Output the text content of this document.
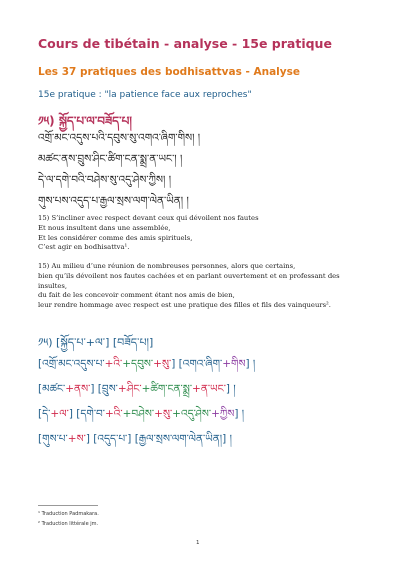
Cours de tibétain - analyse - 15e pratique
Les 37 pratiques des bodhisattvas - Analyse
15e pratique : "la patience face aux reproches"
༡༥) སྐྱོད་པ་ལ་བཟོད་པ།
འགྲོ་མང་འདུས་པའི་དབུས་སུ་འགའ་ཞིག་གིས། །
མཚང་ནས་བྲུས་ཤིང་ཚིག་ངན་སྨྲ་ན་ཡང་། །
དེ་ལ་དགེ་བའི་བཤེས་སུ་འདུ་ཤེས་ཀྱིས། །
གུས་པས་འདུད་པ་རྒྱལ་སྲས་ལག་ལེན་ཡིན། །

15) S’incliner avec respect devant ceux qui dévoilent nos fautes

Et nous insultent dans une assemblée,

Et les considérer comme des amis spirituels,

C’est agir en bodhisattva¹.

15) Au milieu d’une réunion de nombreuses personnes, alors que certains,

bien qu’ils dévoilent nos fautes cachées et en parlant ouvertement et en professant des insultes,

du fait de les concevoir comment étant nos amis de bien,

leur rendre hommage avec respect est une pratique des filles et fils des vainqueurs².

༡༥) [སྐྱོད་པ་+ལ་] [བཟོད་པ།]
[འགྲོ་མང་འདུས་པ་+འི་+དབུས་+སུ་] [འགའ་ཞིག་+གིས] །
[མཚང་+ནས་] [བྲུས་+ཤིང་+ཚིག་ངན་སྨྲ་+ན་ཡང་] །
[དེ་+ལ་] [དགེ་བ་+འི་+བཤེས་+སུ་+འདུ་ཤེས་+ཀྱིས] །
[གུས་པ་+ས་] [འདུད་པ་] [རྒྱལ་སྲས་ལག་ལེན་ཡིན།] །
¹ Traduction Padmakara.
² Traduction littérale jm.
1
